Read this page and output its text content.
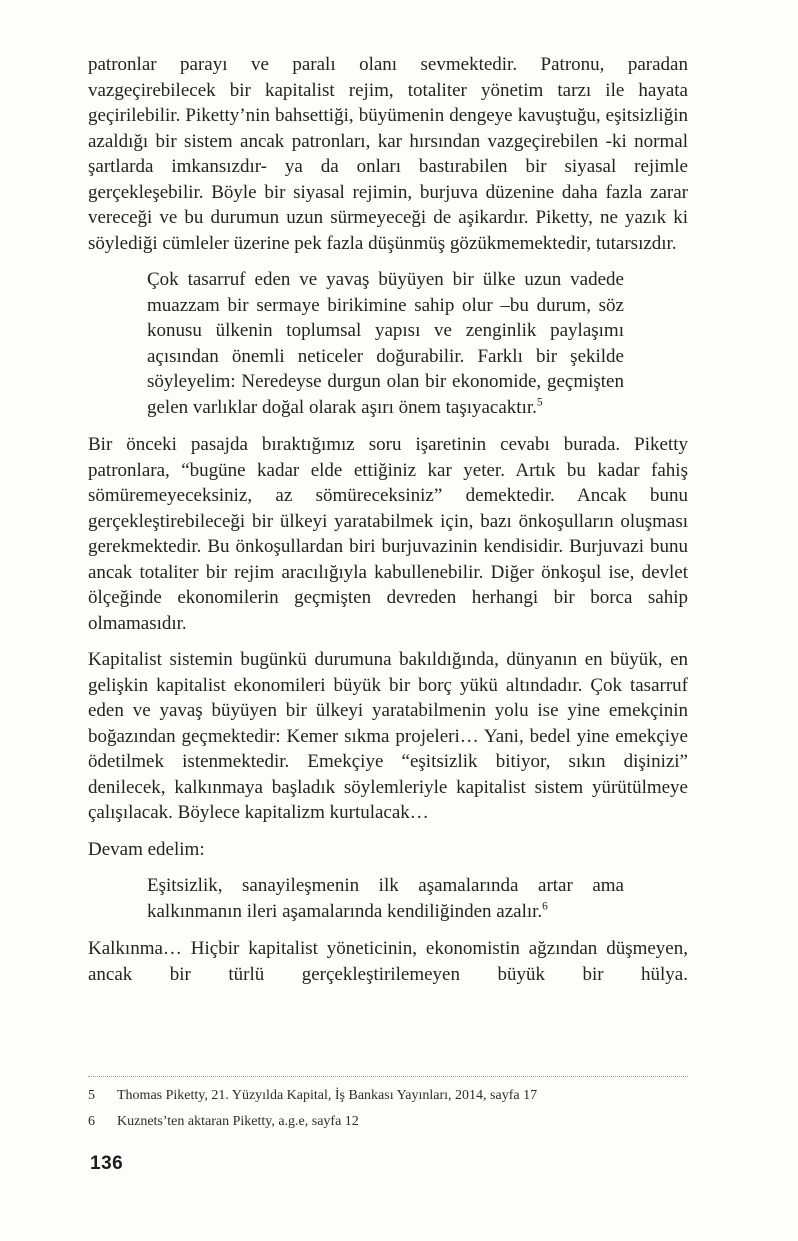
patronlar parayı ve paralı olanı sevmektedir. Patronu, paradan vazgeçirebilecek bir kapitalist rejim, totaliter yönetim tarzı ile hayata geçirilebilir. Piketty’nin bahsettiği, büyümenin dengeye kavuştuğu, eşitsizliğin azaldığı bir sistem ancak patronları, kar hırsından vazgeçirebilen -ki normal şartlarda imkansızdır- ya da onları bastırabilen bir siyasal rejimle gerçekleşebilir. Böyle bir siyasal rejimin, burjuva düzenine daha fazla zarar vereceği ve bu durumun uzun sürmeyeceği de aşikardır. Piketty, ne yazık ki söylediği cümleler üzerine pek fazla düşünmüş gözükmemektedir, tutarsızdır.

Çok tasarruf eden ve yavaş büyüyen bir ülke uzun vadede muazzam bir sermaye birikimine sahip olur –bu durum, söz konusu ülkenin toplumsal yapısı ve zenginlik paylaşımı açısından önemli neticeler doğurabilir. Farklı bir şekilde söyleyelim: Neredeyse durgun olan bir ekonomide, geçmişten gelen varlıklar doğal olarak aşırı önem taşıyacaktır.$^5$

Bir önceki pasajda bıraktığımız soru işaretinin cevabı burada. Piketty patronlara, “bugüne kadar elde ettiğiniz kar yeter. Artık bu kadar fahiş sömüremeyeceksiniz, az sömüreceksiniz” demektedir. Ancak bunu gerçekleştirebileceği bir ülkeyi yaratabilmek için, bazı önkoşulların oluşması gerekmektedir. Bu önkoşullardan biri burjuvazinin kendisidir. Burjuvazi bunu ancak totaliter bir rejim aracılığıyla kabullenebilir. Diğer önkoşul ise, devlet ölçeğinde ekonomilerin geçmişten devreden herhangi bir borca sahip olmamasıdır.

Kapitalist sistemin bugünkü durumuna bakıldığında, dünyanın en büyük, en gelişkin kapitalist ekonomileri büyük bir borç yükü altındadır. Çok tasarruf eden ve yavaş büyüyen bir ülkeyi yaratabilmenin yolu ise yine emekçinin boğazından geçmektedir: Kemer sıkma projeleri… Yani, bedel yine emekçiye ödetilmek istenmektedir. Emekçiye “eşitsizlik bitiyor, sıkın dişinizi” denilecek, kalkınmaya başladık söylemleriyle kapitalist sistem yürütülmeye çalışılacak. Böylece kapitalizm kurtulacak…

Devam edelim:

Eşitsizlik, sanayileşmenin ilk aşamalarında artar ama kalkınmanın ileri aşamalarında kendiliğinden azalır.$^6$

Kalkınma… Hiçbir kapitalist yöneticinin, ekonomistin ağzından düşmeyen, ancak bir türlü gerçekleştirilemeyen büyük bir hülya.

5	Thomas Piketty, 21. Yüzyılda Kapital, İş Bankası Yayınları, 2014, sayfa 17
6	Kuznets’ten aktaran Piketty, a.g.e, sayfa 12
136
